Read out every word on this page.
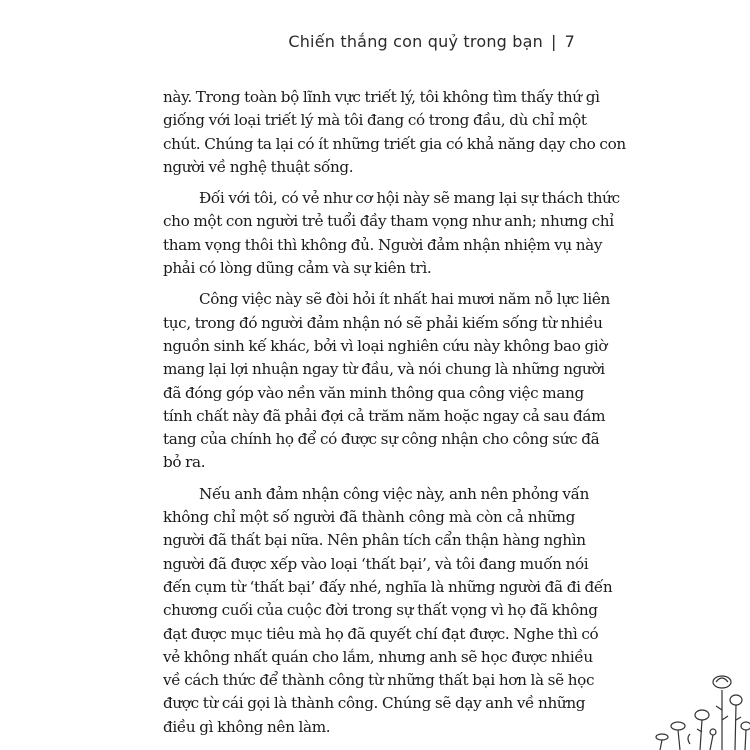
Chiến thắng con quỷ trong bạn | 7
này. Trong toàn bộ lĩnh vực triết lý, tôi không tìm thấy thứ gì
giống với loại triết lý mà tôi đang có trong đầu, dù chỉ một
chút. Chúng ta lại có ít những triết gia có khả năng dạy cho con
người về nghệ thuật sống.
Đối với tôi, có vẻ như cơ hội này sẽ mang lại sự thách thức
cho một con người trẻ tuổi đầy tham vọng như anh; nhưng chỉ
tham vọng thôi thì không đủ. Người đảm nhận nhiệm vụ này
phải có lòng dũng cảm và sự kiên trì.
Công việc này sẽ đòi hỏi ít nhất hai mươi năm nỗ lực liên
tục, trong đó người đảm nhận nó sẽ phải kiếm sống từ nhiều
nguồn sinh kế khác, bởi vì loại nghiên cứu này không bao giờ
mang lại lợi nhuận ngay từ đầu, và nói chung là những người
đã đóng góp vào nền văn minh thông qua công việc mang
tính chất này đã phải đợi cả trăm năm hoặc ngay cả sau đám
tang của chính họ để có được sự công nhận cho công sức đã
bỏ ra.
Nếu anh đảm nhận công việc này, anh nên phỏng vấn
không chỉ một số người đã thành công mà còn cả những
người đã thất bại nữa. Nên phân tích cẩn thận hàng nghìn
người đã được xếp vào loại ‘thất bại’, và tôi đang muốn nói
đến cụm từ ‘thất bại’ đấy nhé, nghĩa là những người đã đi đến
chương cuối của cuộc đời trong sự thất vọng vì họ đã không
đạt được mục tiêu mà họ đã quyết chí đạt được. Nghe thì có
vẻ không nhất quán cho lắm, nhưng anh sẽ học được nhiều
về cách thức để thành công từ những thất bại hơn là sẽ học
được từ cái gọi là thành công. Chúng sẽ dạy anh về những
điều gì không nên làm.
